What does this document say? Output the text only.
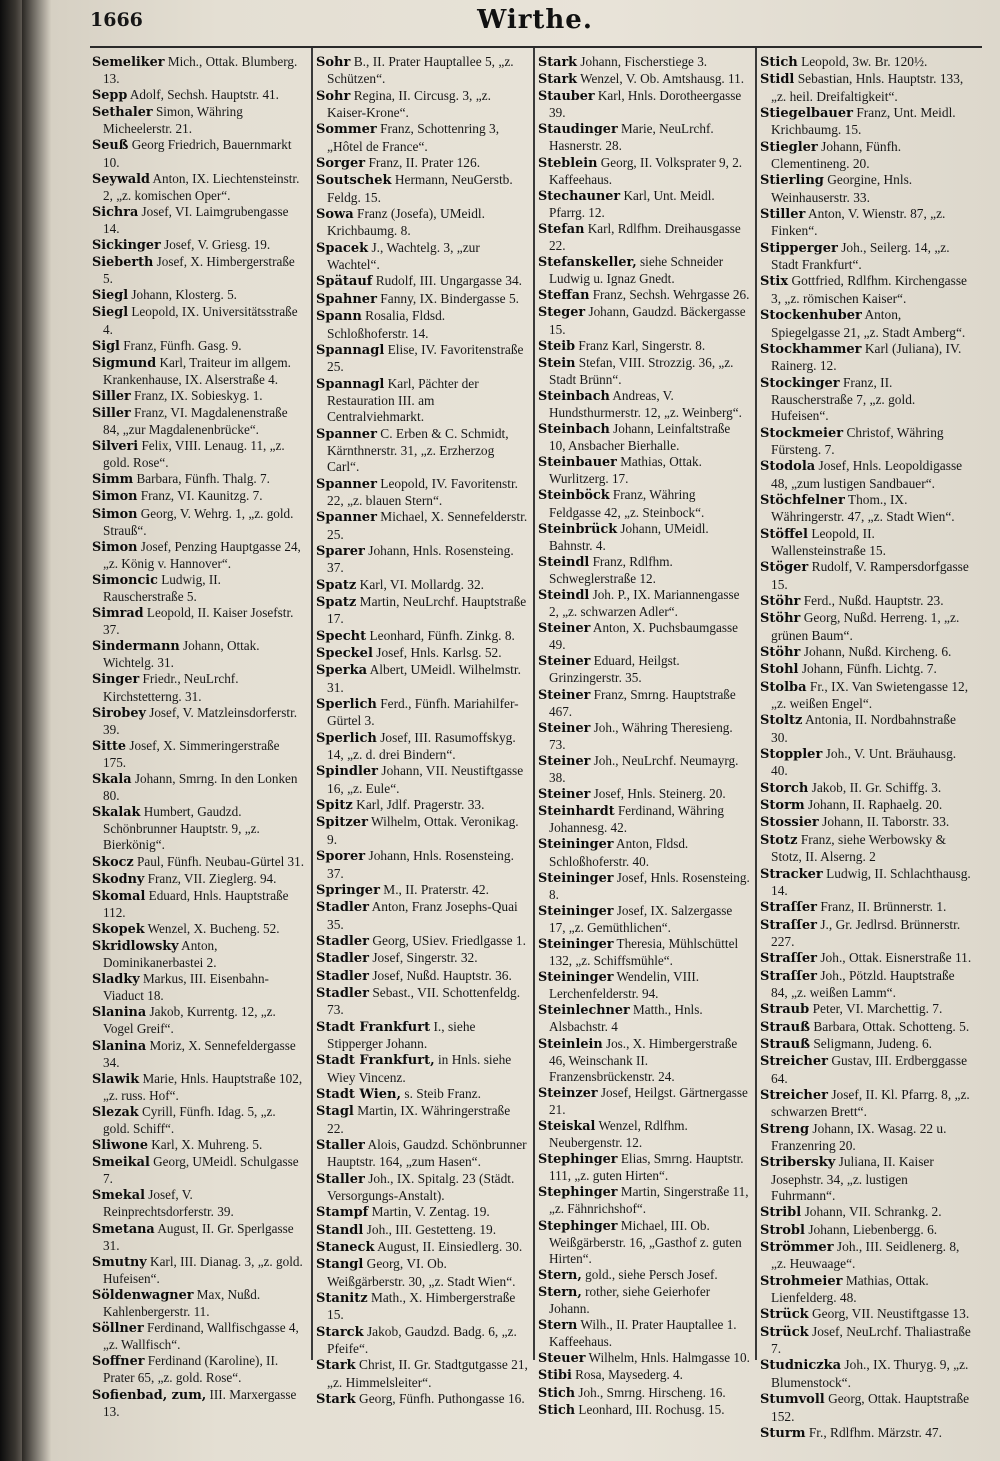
1666	Wirthe.

Semeliker Mich., Ottak. Blumberg. 13.

Sepp Adolf, Sechsh. Hauptstr. 41.

Sethaler Simon, Währing Micheelerstr. 21.

Seuß Georg Friedrich, Bauernmarkt 10.

Seywald Anton, IX. Liechtensteinstr. 2, „z. komischen Oper“.

Sichra Josef, VI. Laimgrubengasse 14.

Sickinger Josef, V. Griesg. 19.

Sieberth Josef, X. Himbergerstraße 5.

Siegl Johann, Klosterg. 5.

Siegl Leopold, IX. Universitätsstraße 4.

Sigl Franz, Fünfh. Gasg. 9.

Sigmund Karl, Traiteur im allgem. Krankenhause, IX. Alserstraße 4.

Siller Franz, IX. Sobieskyg. 1.

Siller Franz, VI. Magdalenenstraße 84, „zur Magdalenenbrücke“.

Silveri Felix, VIII. Lenaug. 11, „z. gold. Rose“.

Simm Barbara, Fünfh. Thalg. 7.

Simon Franz, VI. Kaunitzg. 7.

Simon Georg, V. Wehrg. 1, „z. gold. Strauß“.

Simon Josef, Penzing Hauptgasse 24, „z. König v. Hannover“.

Simoncic Ludwig, II. Rauscherstraße 5.

Simrad Leopold, II. Kaiser Josefstr. 37.

Sindermann Johann, Ottak. Wichtelg. 31.

Singer Friedr., NeuLrchf. Kirchstetterng. 31.

Sirobey Josef, V. Matzleinsdorferstr. 39.

Sitte Josef, X. Simmeringerstraße 175.

Skala Johann, Smrng. In den Lonken 80.

Skalak Humbert, Gaudzd. Schönbrunner Hauptstr. 9, „z. Bierkönig“.

Skocz Paul, Fünfh. Neubau-Gürtel 31.

Skodny Franz, VII. Zieglerg. 94.

Skomal Eduard, Hnls. Hauptstraße 112.

Skopek Wenzel, X. Bucheng. 52.

Skridlowsky Anton, Dominikanerbastei 2.

Sladky Markus, III. Eisenbahn-Viaduct 18.

Slanina Jakob, Kurrentg. 12, „z. Vogel Greif“.

Slanina Moriz, X. Sennefeldergasse 34.

Slawik Marie, Hnls. Hauptstraße 102, „z. russ. Hof“.

Slezak Cyrill, Fünfh. Idag. 5, „z. gold. Schiff“.

Sliwone Karl, X. Muhreng. 5.

Smeikal Georg, UMeidl. Schulgasse 7.

Smekal Josef, V. Reinprechtsdorferstr. 39.

Smetana August, II. Gr. Sperlgasse 31.

Smutny Karl, III. Dianag. 3, „z. gold. Hufeisen“.

Söldenwagner Max, Nußd. Kahlenbergerstr. 11.

Söllner Ferdinand, Wallfischgasse 4, „z. Wallfisch“.

Soffner Ferdinand (Karoline), II. Prater 65, „z. gold. Rose“.

Sofienbad, zum, III. Marxergasse 13.

Sohr B., II. Prater Hauptallee 5, „z. Schützen“.

Sohr Regina, II. Circusg. 3, „z. Kaiser-Krone“.

Sommer Franz, Schottenring 3, „Hôtel de France“.

Sorger Franz, II. Prater 126.

Soutschek Hermann, NeuGerstb. Feldg. 15.

Sowa Franz (Josefa), UMeidl. Krichbaumg. 8.

Spacek J., Wachtelg. 3, „zur Wachtel“.

Spätauf Rudolf, III. Ungargasse 34.

Spahner Fanny, IX. Bindergasse 5.

Spann Rosalia, Fldsd. Schloßhoferstr. 14.

Spannagl Elise, IV. Favoritenstraße 25.

Spannagl Karl, Pächter der Restauration III. am Centralviehmarkt.

Spanner C. Erben & C. Schmidt, Kärnthnerstr. 31, „z. Erzherzog Carl“.

Spanner Leopold, IV. Favoritenstr. 22, „z. blauen Stern“.

Spanner Michael, X. Sennefelderstr. 25.

Sparer Johann, Hnls. Rosensteing. 37.

Spatz Karl, VI. Mollardg. 32.

Spatz Martin, NeuLrchf. Hauptstraße 17.

Specht Leonhard, Fünfh. Zinkg. 8.

Speckel Josef, Hnls. Karlsg. 52.

Sperka Albert, UMeidl. Wilhelmstr. 31.

Sperlich Ferd., Fünfh. Mariahilfer-Gürtel 3.

Sperlich Josef, III. Rasumoffskyg. 14, „z. d. drei Bindern“.

Spindler Johann, VII. Neustiftgasse 16, „z. Eule“.

Spitz Karl, Jdlf. Pragerstr. 33.

Spitzer Wilhelm, Ottak. Veronikag. 9.

Sporer Johann, Hnls. Rosensteing. 37.

Springer M., II. Praterstr. 42.

Stadler Anton, Franz Josephs-Quai 35.

Stadler Georg, USiev. Friedlgasse 1.

Stadler Josef, Singerstr. 32.

Stadler Josef, Nußd. Hauptstr. 36.

Stadler Sebast., VII. Schottenfeldg. 73.

Stadt Frankfurt I., siehe Stipperger Johann.

Stadt Frankfurt, in Hnls. siehe Wiey Vincenz.

Stadt Wien, s. Steib Franz.

Stagl Martin, IX. Währingerstraße 22.

Staller Alois, Gaudzd. Schönbrunner Hauptstr. 164, „zum Hasen“.

Staller Joh., IX. Spitalg. 23 (Städt. Versorgungs-Anstalt).

Stampf Martin, V. Zentag. 19.

Standl Joh., III. Gestetteng. 19.

Staneck August, II. Einsiedlerg. 30.

Stangl Georg, VI. Ob. Weißgärberstr. 30, „z. Stadt Wien“.

Stanitz Math., X. Himbergerstraße 15.

Starck Jakob, Gaudzd. Badg. 6, „z. Pfeife“.

Stark Christ, II. Gr. Stadtgutgasse 21, „z. Himmelsleiter“.

Stark Georg, Fünfh. Puthongasse 16.

Stark Johann, Fischerstiege 3.

Stark Wenzel, V. Ob. Amtshausg. 11.

Stauber Karl, Hnls. Dorotheergasse 39.

Staudinger Marie, NeuLrchf. Hasnerstr. 28.

Steblein Georg, II. Volksprater 9, 2. Kaffeehaus.

Stechauner Karl, Unt. Meidl. Pfarrg. 12.

Stefan Karl, Rdlfhm. Dreihausgasse 22.

Stefanskeller, siehe Schneider Ludwig u. Ignaz Gnedt.

Steffan Franz, Sechsh. Wehrgasse 26.

Steger Johann, Gaudzd. Bäckergasse 15.

Steib Franz Karl, Singerstr. 8.

Stein Stefan, VIII. Strozzig. 36, „z. Stadt Brünn“.

Steinbach Andreas, V. Hundsthurmerstr. 12, „z. Weinberg“.

Steinbach Johann, Leinfaltstraße 10, Ansbacher Bierhalle.

Steinbauer Mathias, Ottak. Wurlitzerg. 17.

Steinböck Franz, Währing Feldgasse 42, „z. Steinbock“.

Steinbrück Johann, UMeidl. Bahnstr. 4.

Steindl Franz, Rdlfhm. Schweglerstraße 12.

Steindl Joh. P., IX. Mariannengasse 2, „z. schwarzen Adler“.

Steiner Anton, X. Puchsbaumgasse 49.

Steiner Eduard, Heilgst. Grinzingerstr. 35.

Steiner Franz, Smrng. Hauptstraße 467.

Steiner Joh., Währing Theresieng. 73.

Steiner Joh., NeuLrchf. Neumayrg. 38.

Steiner Josef, Hnls. Steinerg. 20.

Steinhardt Ferdinand, Währing Johannesg. 42.

Steininger Anton, Fldsd. Schloßhoferstr. 40.

Steininger Josef, Hnls. Rosensteing. 8.

Steininger Josef, IX. Salzergasse 17, „z. Gemüthlichen“.

Steininger Theresia, Mühlschüttel 132, „z. Schiffsmühle“.

Steininger Wendelin, VIII. Lerchenfelderstr. 94.

Steinlechner Matth., Hnls. Alsbachstr. 4

Steinlein Jos., X. Himbergerstraße 46, Weinschank II. Franzensbrückenstr. 24.

Steinzer Josef, Heilgst. Gärtnergasse 21.

Steiskal Wenzel, Rdlfhm. Neubergenstr. 12.

Stephinger Elias, Smrng. Hauptstr. 111, „z. guten Hirten“.

Stephinger Martin, Singerstraße 11, „z. Fähnrichshof“.

Stephinger Michael, III. Ob. Weißgärberstr. 16, „Gasthof z. guten Hirten“.

Stern, gold., siehe Persch Josef.

Stern, rother, siehe Geierhofer Johann.

Stern Wilh., II. Prater Hauptallee 1. Kaffeehaus.

Steuer Wilhelm, Hnls. Halmgasse 10.

Stibi Rosa, Maysederg. 4.

Stich Joh., Smrng. Hirscheng. 16.

Stich Leonhard, III. Rochusg. 15.

Stich Leopold, 3w. Br. 120½.

Stidl Sebastian, Hnls. Hauptstr. 133, „z. heil. Dreifaltigkeit“.

Stiegelbauer Franz, Unt. Meidl. Krichbaumg. 15.

Stiegler Johann, Fünfh. Clementineng. 20.

Stierling Georgine, Hnls. Weinhauserstr. 33.

Stiller Anton, V. Wienstr. 87, „z. Finken“.

Stipperger Joh., Seilerg. 14, „z. Stadt Frankfurt“.

Stix Gottfried, Rdlfhm. Kirchengasse 3, „z. römischen Kaiser“.

Stockenhuber Anton, Spiegelgasse 21, „z. Stadt Amberg“.

Stockhammer Karl (Juliana), IV. Rainerg. 12.

Stockinger Franz, II. Rauscherstraße 7, „z. gold. Hufeisen“.

Stockmeier Christof, Währing Fürsteng. 7.

Stodola Josef, Hnls. Leopoldigasse 48, „zum lustigen Sandbauer“.

Stöchfelner Thom., IX. Währingerstr. 47, „z. Stadt Wien“.

Stöffel Leopold, II. Wallensteinstraße 15.

Stöger Rudolf, V. Rampersdorfgasse 15.

Stöhr Ferd., Nußd. Hauptstr. 23.

Stöhr Georg, Nußd. Herreng. 1, „z. grünen Baum“.

Stöhr Johann, Nußd. Kircheng. 6.

Stohl Johann, Fünfh. Lichtg. 7.

Stolba Fr., IX. Van Swietengasse 12, „z. weißen Engel“.

Stoltz Antonia, II. Nordbahnstraße 30.

Stoppler Joh., V. Unt. Bräuhausg. 40.

Storch Jakob, II. Gr. Schiffg. 3.

Storm Johann, II. Raphaelg. 20.

Stossier Johann, II. Taborstr. 33.

Stotz Franz, siehe Werbowsky & Stotz, II. Alserng. 2

Stracker Ludwig, II. Schlachthausg. 14.

Straſſer Franz, II. Brünnerstr. 1.

Straſſer J., Gr. Jedlrsd. Brünnerstr. 227.

Straſſer Joh., Ottak. Eisnerstraße 11.

Straſſer Joh., Pötzld. Hauptstraße 84, „z. weißen Lamm“.

Straub Peter, VI. Marchettig. 7.

Strauß Barbara, Ottak. Schotteng. 5.

Strauß Seligmann, Judeng. 6.

Streicher Gustav, III. Erdberggasse 64.

Streicher Josef, II. Kl. Pfarrg. 8, „z. schwarzen Brett“.

Streng Johann, IX. Wasag. 22 u. Franzenring 20.

Stribersky Juliana, II. Kaiser Josephstr. 34, „z. lustigen Fuhrmann“.

Stribl Johann, VII. Schrankg. 2.

Strobl Johann, Liebenbergg. 6.

Strömmer Joh., III. Seidlenerg. 8, „z. Heuwaage“.

Strohmeier Mathias, Ottak. Lienfelderg. 48.

Strück Georg, VII. Neustiftgasse 13.

Strück Josef, NeuLrchf. Thaliastraße 7.

Studniczka Joh., IX. Thuryg. 9, „z. Blumenstock“.

Stumvoll Georg, Ottak. Hauptstraße 152.

Sturm Fr., Rdlfhm. Märzstr. 47.
